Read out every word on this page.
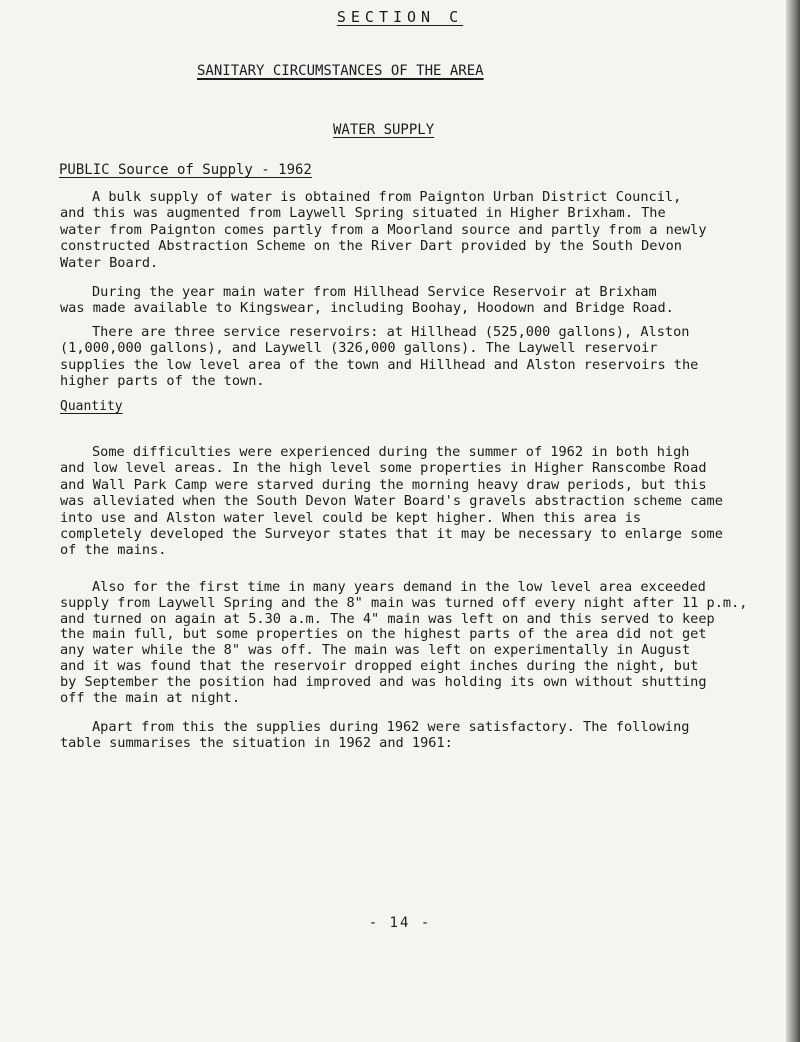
SECTION C
SANITARY CIRCUMSTANCES OF THE AREA
WATER SUPPLY
PUBLIC Source of Supply - 1962
A bulk supply of water is obtained from Paignton Urban District Council,
and this was augmented from Laywell Spring situated in Higher Brixham. The
water from Paignton comes partly from a Moorland source and partly from a newly
constructed Abstraction Scheme on the River Dart provided by the South Devon
Water Board.
During the year main water from Hillhead Service Reservoir at Brixham
was made available to Kingswear, including Boohay, Hoodown and Bridge Road.
There are three service reservoirs: at Hillhead (525,000 gallons), Alston
(1,000,000 gallons), and Laywell (326,000 gallons). The Laywell reservoir
supplies the low level area of the town and Hillhead and Alston reservoirs the
higher parts of the town.
Quantity
Some difficulties were experienced during the summer of 1962 in both high
and low level areas. In the high level some properties in Higher Ranscombe Road
and Wall Park Camp were starved during the morning heavy draw periods, but this
was alleviated when the South Devon Water Board's gravels abstraction scheme came
into use and Alston water level could be kept higher. When this area is
completely developed the Surveyor states that it may be necessary to enlarge some
of the mains.
Also for the first time in many years demand in the low level area exceeded
supply from Laywell Spring and the 8" main was turned off every night after 11 p.m.,
and turned on again at 5.30 a.m. The 4" main was left on and this served to keep
the main full, but some properties on the highest parts of the area did not get
any water while the 8" was off. The main was left on experimentally in August
and it was found that the reservoir dropped eight inches during the night, but
by September the position had improved and was holding its own without shutting
off the main at night.
Apart from this the supplies during 1962 were satisfactory. The following
table summarises the situation in 1962 and 1961:
- 14 -
